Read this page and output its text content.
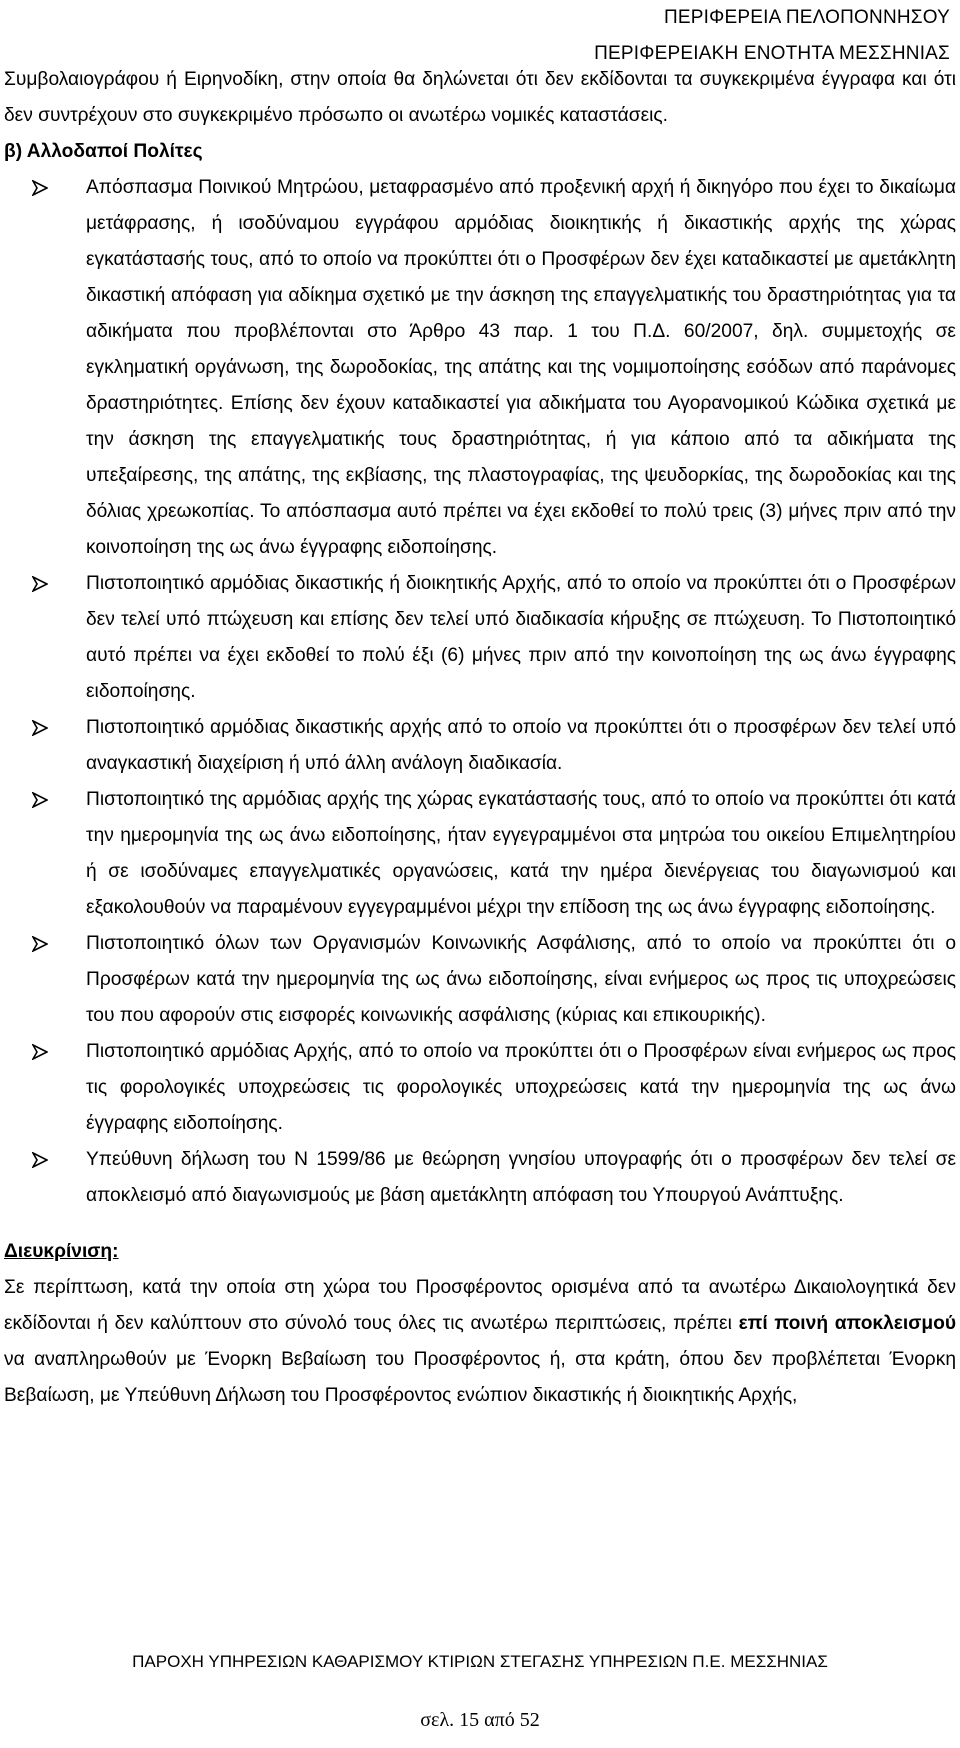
ΠΕΡΙΦΕΡΕΙΑ ΠΕΛΟΠΟΝΝΗΣΟΥ
ΠΕΡΙΦΕΡΕΙΑΚΗ ΕΝΟΤΗΤΑ ΜΕΣΣΗΝΙΑΣ

Συμβολαιογράφου ή Ειρηνοδίκη, στην οποία θα δηλώνεται ότι δεν εκδίδονται τα συγκεκριμένα έγγραφα και ότι δεν συντρέχουν στο συγκεκριμένο πρόσωπο οι ανωτέρω νομικές καταστάσεις.

β) Αλλοδαποί Πολίτες

Απόσπασμα Ποινικού Μητρώου, μεταφρασμένο από προξενική αρχή ή δικηγόρο που έχει το δικαίωμα μετάφρασης, ή ισοδύναμου εγγράφου αρμόδιας διοικητικής ή δικαστικής αρχής της χώρας εγκατάστασής τους, από το οποίο να προκύπτει ότι ο Προσφέρων δεν έχει καταδικαστεί με αμετάκλητη δικαστική απόφαση για αδίκημα σχετικό με την άσκηση της επαγγελματικής του δραστηριότητας για τα αδικήματα που προβλέπονται στο Άρθρο 43 παρ. 1 του Π.Δ. 60/2007, δηλ. συμμετοχής σε εγκληματική οργάνωση, της δωροδοκίας, της απάτης και της νομιμοποίησης εσόδων από παράνομες δραστηριότητες. Επίσης δεν έχουν καταδικαστεί για αδικήματα του Αγορανομικού Κώδικα σχετικά με την άσκηση της επαγγελματικής τους δραστηριότητας, ή για κάποιο από τα αδικήματα της υπεξαίρεσης, της απάτης, της εκβίασης, της πλαστογραφίας, της ψευδορκίας, της δωροδοκίας και της δόλιας χρεωκοπίας. Το απόσπασμα αυτό πρέπει να έχει εκδοθεί το πολύ τρεις (3) μήνες πριν από την κοινοποίηση της ως άνω έγγραφης ειδοποίησης.
Πιστοποιητικό αρμόδιας δικαστικής ή διοικητικής Αρχής, από το οποίο να προκύπτει ότι ο Προσφέρων δεν τελεί υπό πτώχευση και επίσης δεν τελεί υπό διαδικασία κήρυξης σε πτώχευση. Το Πιστοποιητικό αυτό πρέπει να έχει εκδοθεί το πολύ έξι (6) μήνες πριν από την κοινοποίηση της ως άνω έγγραφης ειδοποίησης.
Πιστοποιητικό αρμόδιας δικαστικής αρχής από το οποίο να προκύπτει ότι ο προσφέρων δεν τελεί υπό αναγκαστική διαχείριση ή υπό άλλη ανάλογη διαδικασία.
Πιστοποιητικό της αρμόδιας αρχής της χώρας εγκατάστασής τους, από το οποίο να προκύπτει ότι κατά την ημερομηνία της ως άνω ειδοποίησης, ήταν εγγεγραμμένοι στα μητρώα του οικείου Επιμελητηρίου ή σε ισοδύναμες επαγγελματικές οργανώσεις, κατά την ημέρα διενέργειας του διαγωνισμού και εξακολουθούν να παραμένουν εγγεγραμμένοι μέχρι την επίδοση της ως άνω έγγραφης ειδοποίησης.
Πιστοποιητικό όλων των Οργανισμών Κοινωνικής Ασφάλισης, από το οποίο να προκύπτει ότι ο Προσφέρων κατά την ημερομηνία της ως άνω ειδοποίησης, είναι ενήμερος ως προς τις υποχρεώσεις του που αφορούν στις εισφορές κοινωνικής ασφάλισης (κύριας και επικουρικής).
Πιστοποιητικό αρμόδιας Αρχής, από το οποίο να προκύπτει ότι ο Προσφέρων είναι ενήμερος ως προς τις φορολογικές υποχρεώσεις τις φορολογικές υποχρεώσεις κατά την ημερομηνία της ως άνω έγγραφης ειδοποίησης.
Υπεύθυνη δήλωση του Ν 1599/86 με θεώρηση γνησίου υπογραφής ότι ο προσφέρων δεν τελεί σε αποκλεισμό από διαγωνισμούς με βάση αμετάκλητη απόφαση του Υπουργού Ανάπτυξης.

Διευκρίνιση:

Σε περίπτωση, κατά την οποία στη χώρα του Προσφέροντος ορισμένα από τα ανωτέρω Δικαιολογητικά δεν εκδίδονται ή δεν καλύπτουν στο σύνολό τους όλες τις ανωτέρω περιπτώσεις, πρέπει επί ποινή αποκλεισμού να αναπληρωθούν με Ένορκη Βεβαίωση του Προσφέροντος ή, στα κράτη, όπου δεν προβλέπεται Ένορκη Βεβαίωση, με Υπεύθυνη Δήλωση του Προσφέροντος ενώπιον δικαστικής ή διοικητικής Αρχής,

ΠΑΡΟΧΗ ΥΠΗΡΕΣΙΩΝ ΚΑΘΑΡΙΣΜΟΥ ΚΤΙΡΙΩΝ ΣΤΕΓΑΣΗΣ ΥΠΗΡΕΣΙΩΝ Π.Ε. ΜΕΣΣΗΝΙΑΣ
σελ. 15 από 52
